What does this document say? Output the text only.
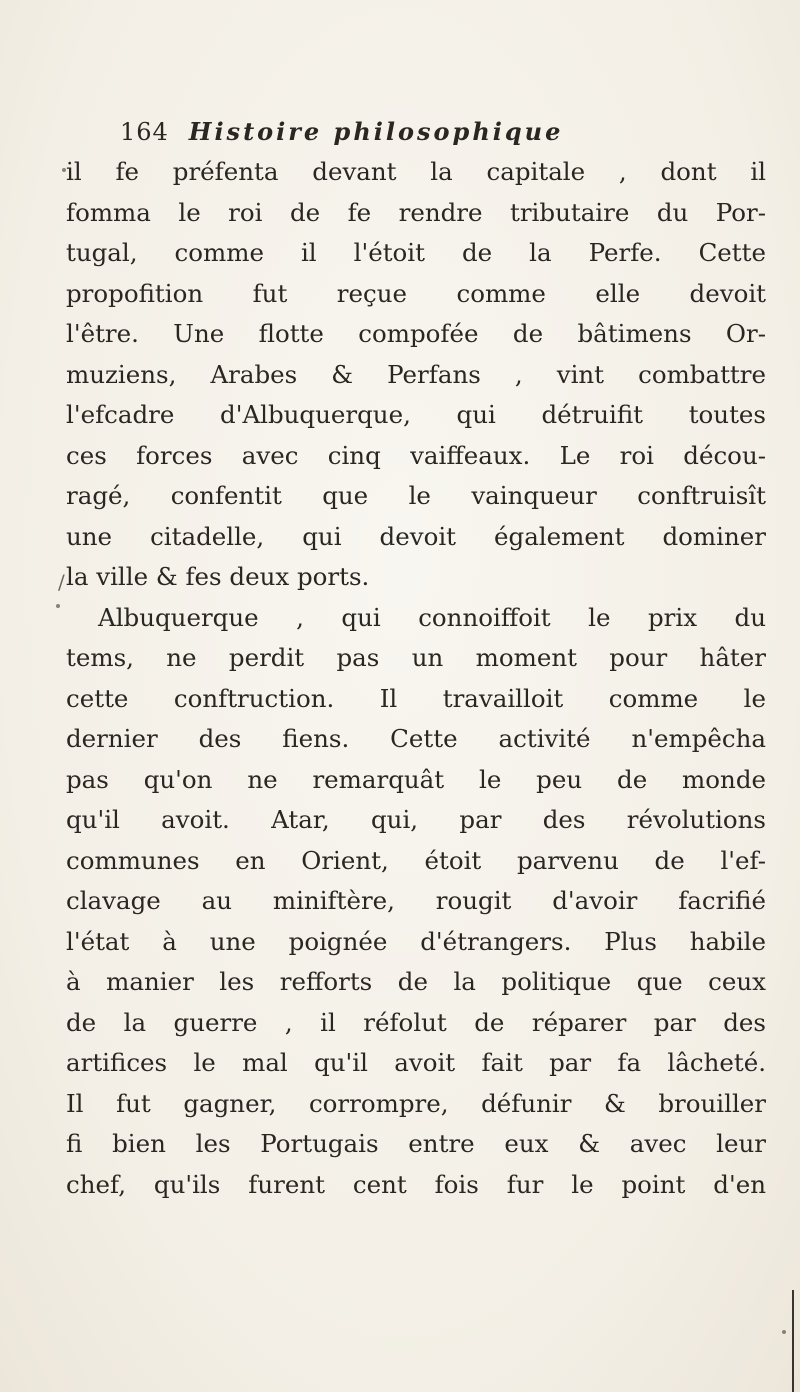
164 Histoire philosophique
il fe préfenta devant la capitale , dont il
fomma le roi de fe rendre tributaire du Por-
tugal, comme il l'étoit de la Perfe. Cette
propofition fut reçue comme elle devoit
l'être. Une flotte compofée de bâtimens Or-
muziens, Arabes & Perfans , vint combattre
l'efcadre d'Albuquerque, qui détruifit toutes
ces forces avec cinq vaiffeaux. Le roi décou-
ragé, confentit que le vainqueur conftruisît
une citadelle, qui devoit également dominer
la ville & fes deux ports.
Albuquerque , qui connoiffoit le prix du
tems, ne perdit pas un moment pour hâter
cette conftruction. Il travailloit comme le
dernier des fiens. Cette activité n'empêcha
pas qu'on ne remarquât le peu de monde
qu'il avoit. Atar, qui, par des révolutions
communes en Orient, étoit parvenu de l'ef-
clavage au miniftère, rougit d'avoir facrifié
l'état à une poignée d'étrangers. Plus habile
à manier les refforts de la politique que ceux
de la guerre , il réfolut de réparer par des
artifices le mal qu'il avoit fait par fa lâcheté.
Il fut gagner, corrompre, défunir & brouiller
fi bien les Portugais entre eux & avec leur
chef, qu'ils furent cent fois fur le point d'en
/
